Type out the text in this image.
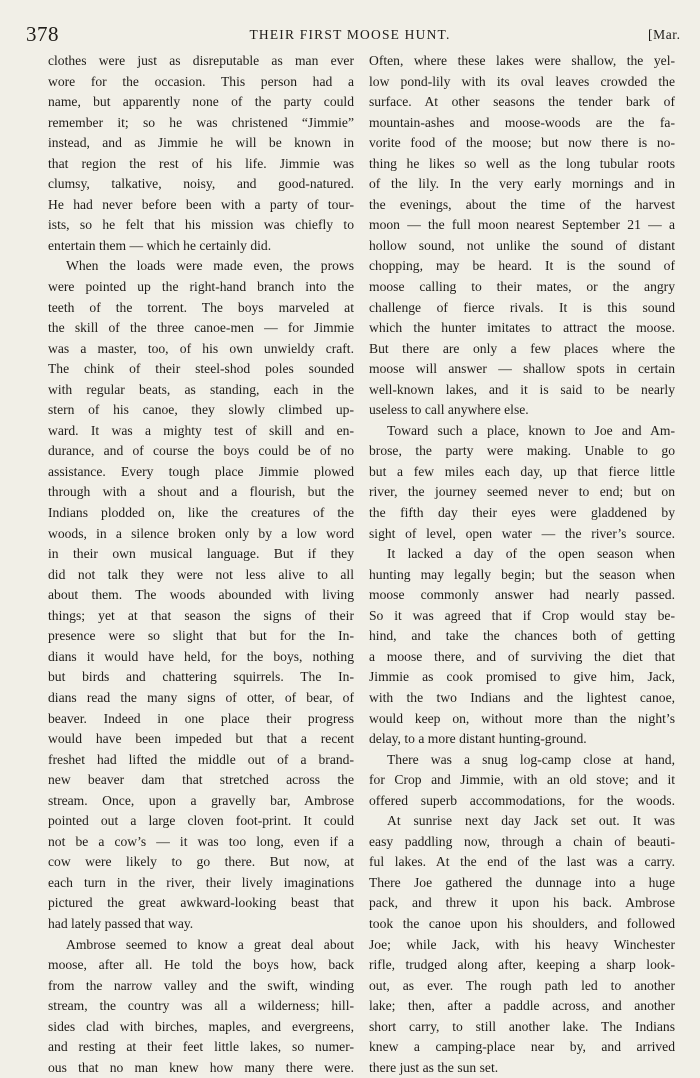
378	THEIR FIRST MOOSE HUNT.	[Mar.
clothes were just as disreputable as man ever
wore for the occasion. This person had a
name, but apparently none of the party could
remember it; so he was christened “Jimmie”
instead, and as Jimmie he will be known in
that region the rest of his life. Jimmie was
clumsy, talkative, noisy, and good-natured.
He had never before been with a party of tour-
ists, so he felt that his mission was chiefly to
entertain them — which he certainly did.
When the loads were made even, the prows
were pointed up the right-hand branch into the
teeth of the torrent. The boys marveled at
the skill of the three canoe-men — for Jimmie
was a master, too, of his own unwieldy craft.
The chink of their steel-shod poles sounded
with regular beats, as standing, each in the
stern of his canoe, they slowly climbed up-
ward. It was a mighty test of skill and en-
durance, and of course the boys could be of no
assistance. Every tough place Jimmie plowed
through with a shout and a flourish, but the
Indians plodded on, like the creatures of the
woods, in a silence broken only by a low word
in their own musical language. But if they
did not talk they were not less alive to all
about them. The woods abounded with living
things; yet at that season the signs of their
presence were so slight that but for the In-
dians it would have held, for the boys, nothing
but birds and chattering squirrels. The In-
dians read the many signs of otter, of bear, of
beaver. Indeed in one place their progress
would have been impeded but that a recent
freshet had lifted the middle out of a brand-
new beaver dam that stretched across the
stream. Once, upon a gravelly bar, Ambrose
pointed out a large cloven foot-print. It could
not be a cow’s — it was too long, even if a
cow were likely to go there. But now, at
each turn in the river, their lively imaginations
pictured the great awkward-looking beast that
had lately passed that way.
Ambrose seemed to know a great deal about
moose, after all. He told the boys how, back
from the narrow valley and the swift, winding
stream, the country was all a wilderness; hill-
sides clad with birches, maples, and evergreens,
and resting at their feet little lakes, so numer-
ous that no man knew how many there were.
Often, where these lakes were shallow, the yel-
low pond-lily with its oval leaves crowded the
surface. At other seasons the tender bark of
mountain-ashes and moose-woods are the fa-
vorite food of the moose; but now there is no-
thing he likes so well as the long tubular roots
of the lily. In the very early mornings and in
the evenings, about the time of the harvest
moon — the full moon nearest September 21 — a
hollow sound, not unlike the sound of distant
chopping, may be heard. It is the sound of
moose calling to their mates, or the angry
challenge of fierce rivals. It is this sound
which the hunter imitates to attract the moose.
But there are only a few places where the
moose will answer — shallow spots in certain
well-known lakes, and it is said to be nearly
useless to call anywhere else.
Toward such a place, known to Joe and Am-
brose, the party were making. Unable to go
but a few miles each day, up that fierce little
river, the journey seemed never to end; but on
the fifth day their eyes were gladdened by
sight of level, open water — the river’s source.
It lacked a day of the open season when
hunting may legally begin; but the season when
moose commonly answer had nearly passed.
So it was agreed that if Crop would stay be-
hind, and take the chances both of getting
a moose there, and of surviving the diet that
Jimmie as cook promised to give him, Jack,
with the two Indians and the lightest canoe,
would keep on, without more than the night’s
delay, to a more distant hunting-ground.
There was a snug log-camp close at hand,
for Crop and Jimmie, with an old stove; and it
offered superb accommodations, for the woods.
At sunrise next day Jack set out. It was
easy paddling now, through a chain of beauti-
ful lakes. At the end of the last was a carry.
There Joe gathered the dunnage into a huge
pack, and threw it upon his back. Ambrose
took the canoe upon his shoulders, and followed
Joe; while Jack, with his heavy Winchester
rifle, trudged along after, keeping a sharp look-
out, as ever. The rough path led to another
lake; then, after a paddle across, and another
short carry, to still another lake. The Indians
knew a camping-place near by, and arrived
there just as the sun set.
